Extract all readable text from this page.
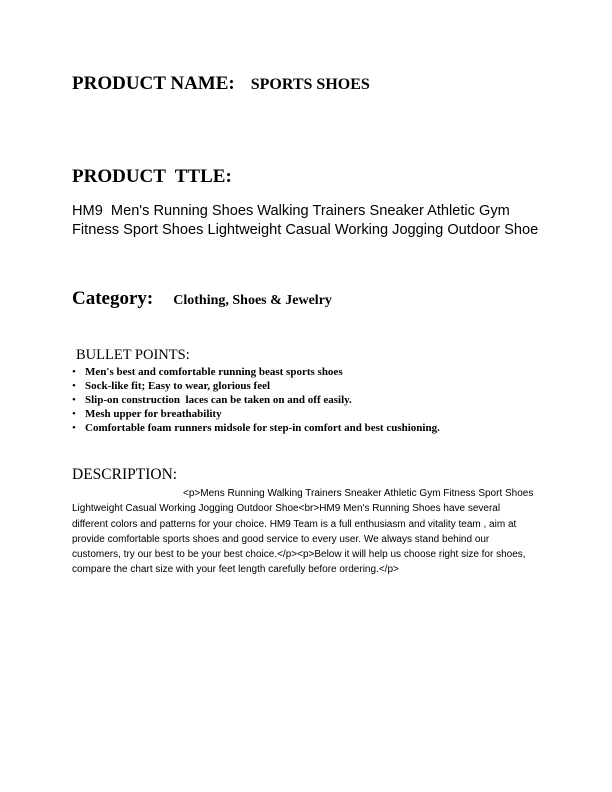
PRODUCT NAME: SPORTS SHOES
PRODUCT  TTLE:
HM9  Men's Running Shoes Walking Trainers Sneaker Athletic Gym Fitness Sport Shoes Lightweight Casual Working Jogging Outdoor Shoe
Category: Clothing, Shoes & Jewelry
BULLET POINTS:
• Men's best and comfortable running beast sports shoes
• Sock-like fit; Easy to wear, glorious feel
• Slip-on construction  laces can be taken on and off easily.
• Mesh upper for breathability
• Comfortable foam runners midsole for step-in comfort and best cushioning.
DESCRIPTION:
<p>Mens Running Walking Trainers Sneaker Athletic Gym Fitness Sport Shoes Lightweight Casual Working Jogging Outdoor Shoe<br>HM9 Men's Running Shoes have several different colors and patterns for your choice. HM9 Team is a full enthusiasm and vitality team , aim at provide comfortable sports shoes and good service to every user. We always stand behind our customers, try our best to be your best choice.</p><p>Below it will help us choose right size for shoes, compare the chart size with your feet length carefully before ordering.</p>
